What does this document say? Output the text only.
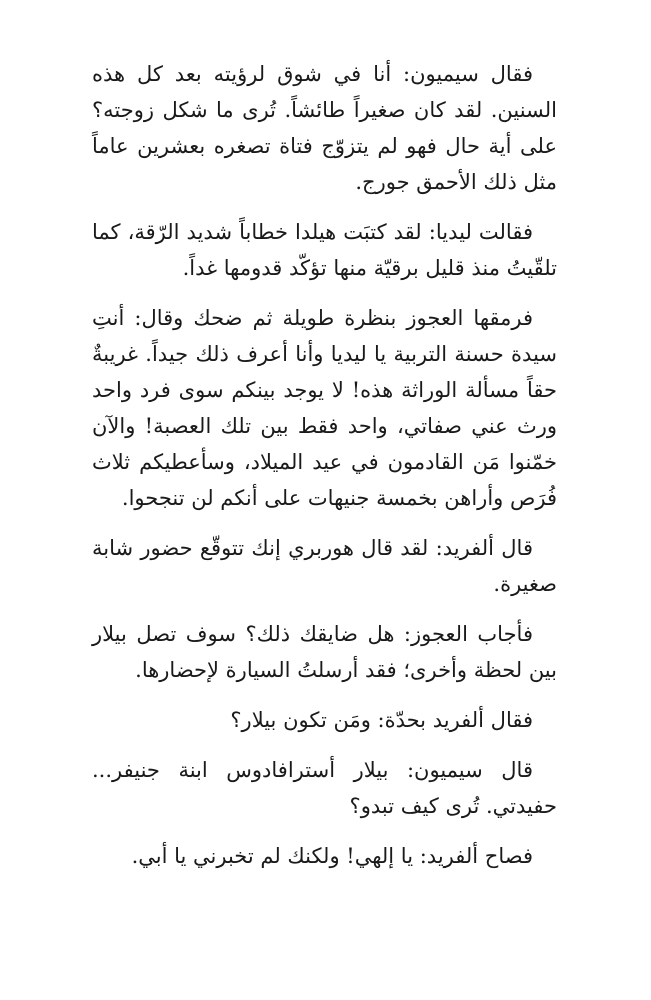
فقال سيميون: أنا في شوق لرؤيته بعد كل هذه السنين. لقد كان صغيراً طائشاً. تُرى ما شكل زوجته؟ على أية حال فهو لم يتزوّج فتاة تصغره بعشرين عاماً مثل ذلك الأحمق جورج.

فقالت ليديا: لقد كتبَت هيلدا خطاباً شديد الرّقة، كما تلقّيتُ منذ قليل برقيّة منها تؤكّد قدومها غداً.

فرمقها العجوز بنظرة طويلة ثم ضحك وقال: أنتِ سيدة حسنة التربية يا ليديا وأنا أعرف ذلك جيداً. غريبةٌ حقاً مسألة الوراثة هذه! لا يوجد بينكم سوى فرد واحد ورث عني صفاتي، واحد فقط بين تلك العصبة! والآن خمّنوا مَن القادمون في عيد الميلاد، وسأعطيكم ثلاث فُرَص وأراهن بخمسة جنيهات على أنكم لن تنجحوا.

قال ألفريد: لقد قال هوربري إنك تتوقّع حضور شابة صغيرة.

فأجاب العجوز: هل ضايقك ذلك؟ سوف تصل بيلار بين لحظة وأخرى؛ فقد أرسلتُ السيارة لإحضارها.

فقال ألفريد بحدّة: ومَن تكون بيلار؟

قال سيميون: بيلار أسترافادوس ابنة جنيفر... حفيدتي. تُرى كيف تبدو؟

فصاح ألفريد: يا إلهي! ولكنك لم تخبرني يا أبي.
